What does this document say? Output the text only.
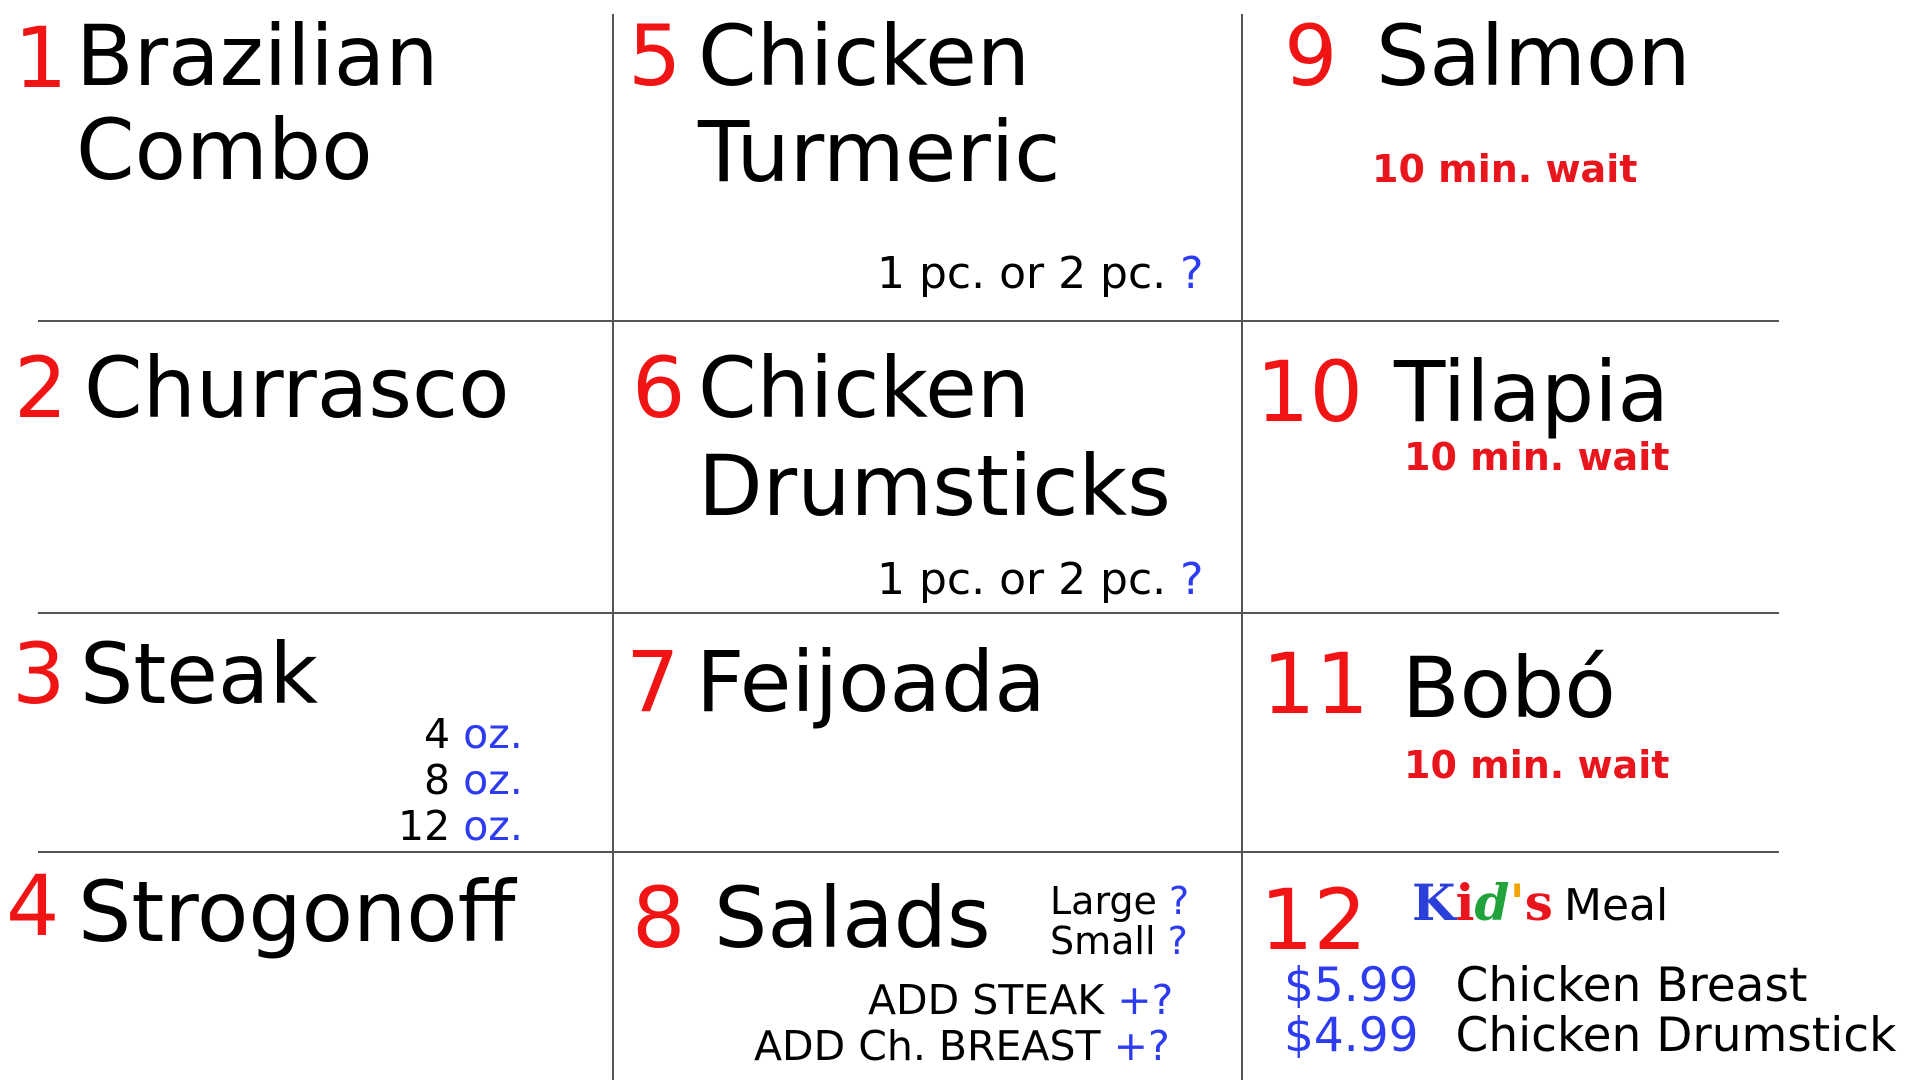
1 Brazilian
Combo
2 Churrasco
3 Steak
4 oz.
8 oz.
12 oz.
4 Strogonoff
5 Chicken
Turmeric
1 pc. or 2 pc. ?
6 Chicken
Drumsticks
1 pc. or 2 pc. ?
7 Feijoada
8 Salads Large ?
Small ?
ADD STEAK +?
ADD Ch. BREAST +?
9 Salmon
10 min. wait
10 Tilapia
10 min. wait
11 Bobó
10 min. wait
12 Kid's Meal
$5.99 Chicken Breast
$4.99 Chicken Drumstick
